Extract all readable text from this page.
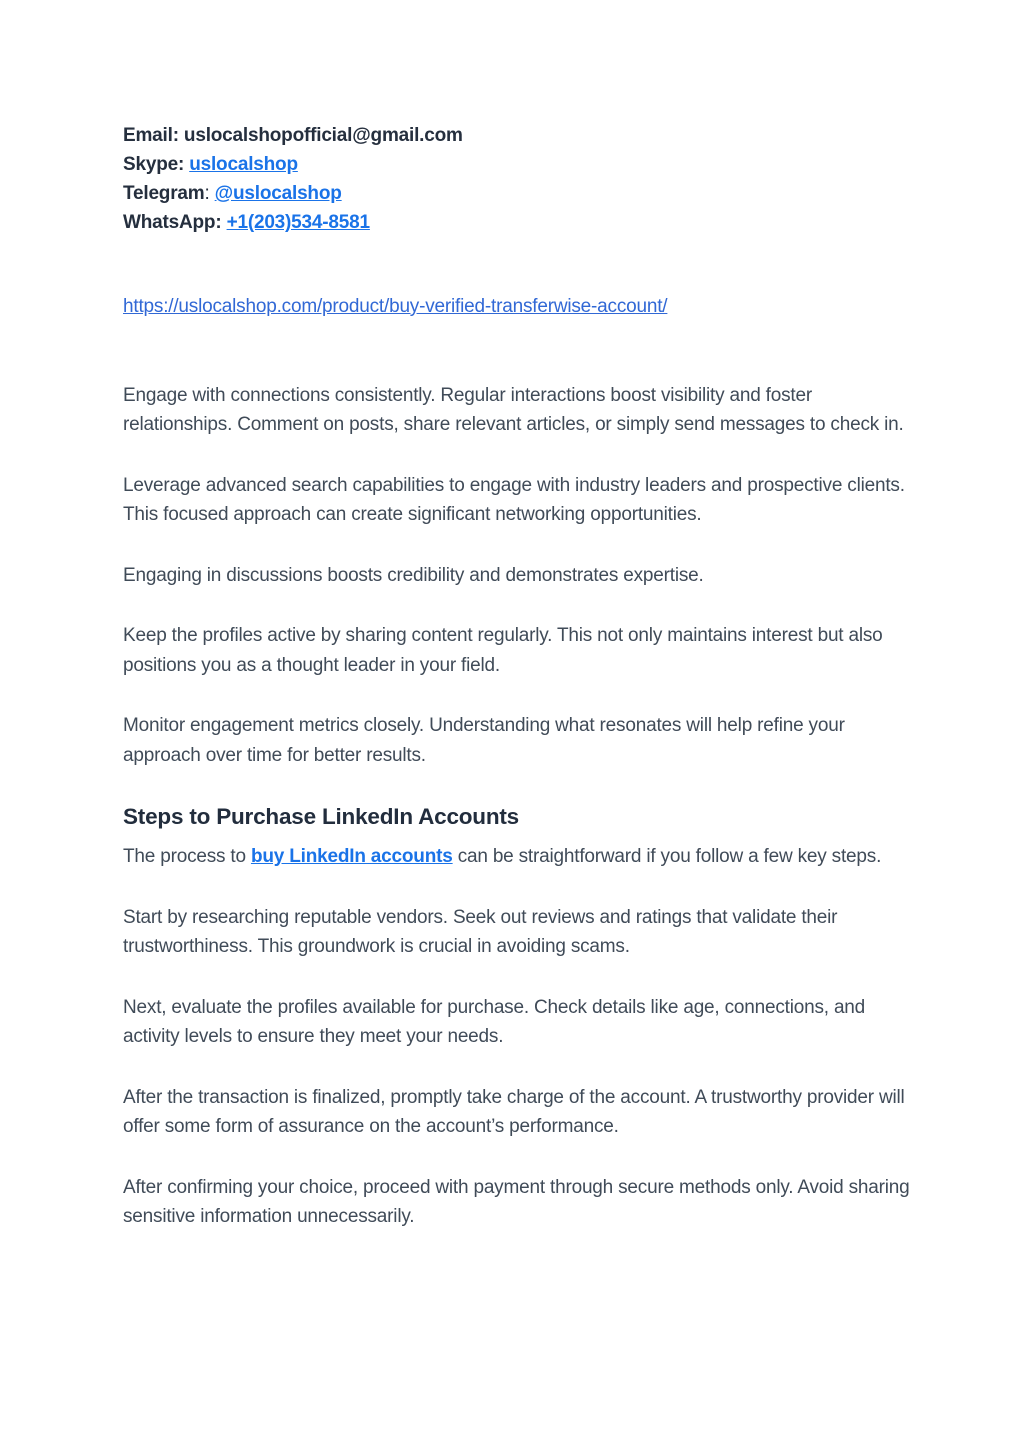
Email: uslocalshopofficial@gmail.com

Skype: uslocalshop

Telegram: @uslocalshop

WhatsApp: +1(203)534-8581

https://uslocalshop.com/product/buy-verified-transferwise-account/

Engage with connections consistently. Regular interactions boost visibility and foster relationships. Comment on posts, share relevant articles, or simply send messages to check in.

Leverage advanced search capabilities to engage with industry leaders and prospective clients. This focused approach can create significant networking opportunities.

Engaging in discussions boosts credibility and demonstrates expertise.

Keep the profiles active by sharing content regularly. This not only maintains interest but also positions you as a thought leader in your field.

Monitor engagement metrics closely. Understanding what resonates will help refine your approach over time for better results.

Steps to Purchase LinkedIn Accounts

The process to buy LinkedIn accounts can be straightforward if you follow a few key steps.

Start by researching reputable vendors. Seek out reviews and ratings that validate their trustworthiness. This groundwork is crucial in avoiding scams.

Next, evaluate the profiles available for purchase. Check details like age, connections, and activity levels to ensure they meet your needs.

After the transaction is finalized, promptly take charge of the account. A trustworthy provider will offer some form of assurance on the account’s performance.

After confirming your choice, proceed with payment through secure methods only. Avoid sharing sensitive information unnecessarily.
